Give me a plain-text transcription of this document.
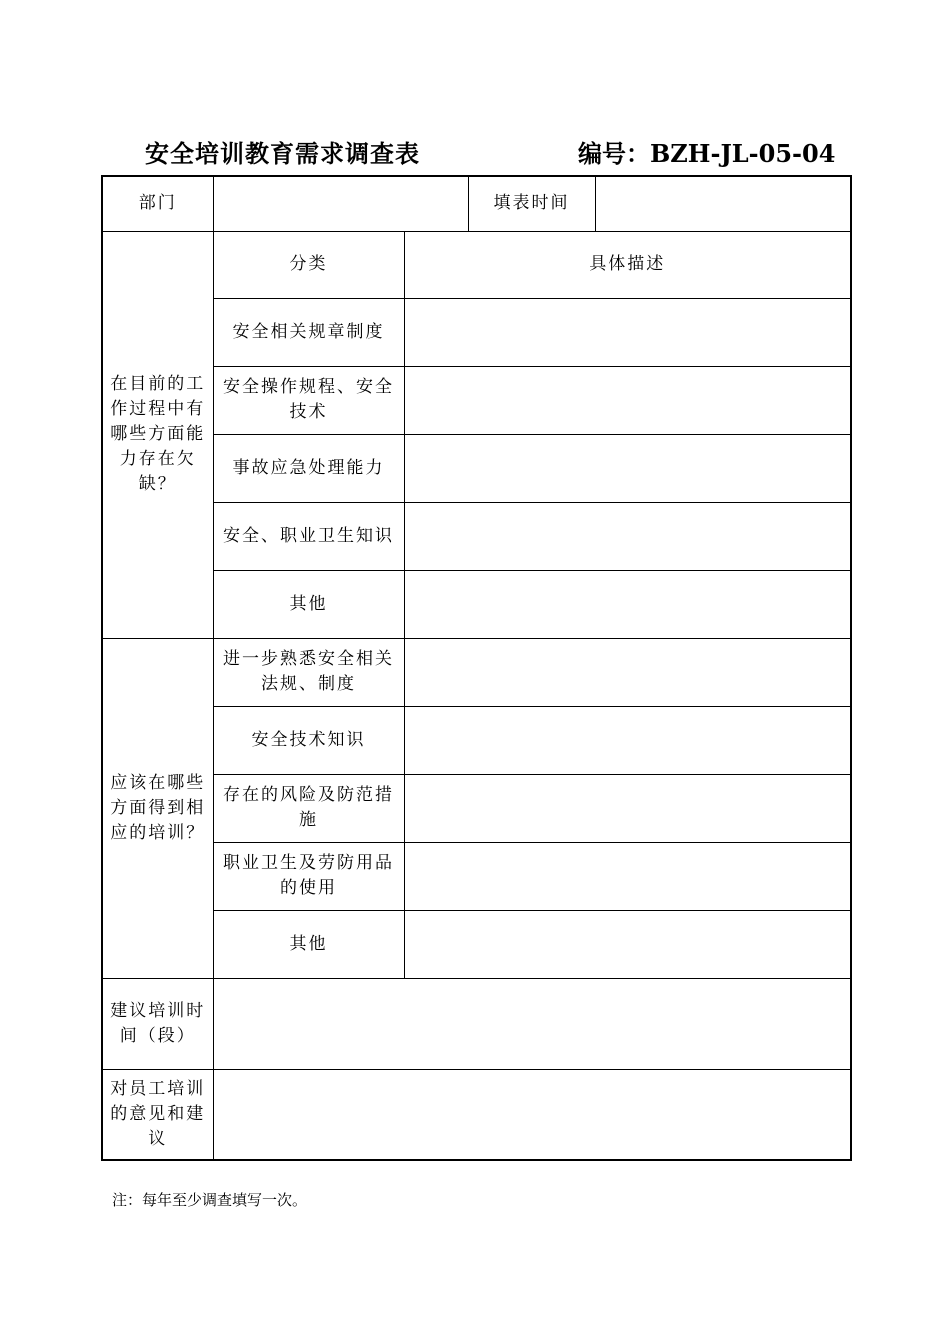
安全培训教育需求调查表	编号：BZH-JL-05-04
部门			填表时间	
在目前的工作过程中有哪些方面能力存在欠缺？	分类	具体描述		
	安全相关规章制度			
	安全操作规程、安全技术			
	事故应急处理能力			
	安全、职业卫生知识			
	其他			
应该在哪些方面得到相应的培训？	进一步熟悉安全相关法规、制度			
	安全技术知识			
	存在的风险及防范措施			
	职业卫生及劳防用品的使用			
	其他			
建议培训时间（段）				
对员工培训的意见和建议				
注：每年至少调查填写一次。
